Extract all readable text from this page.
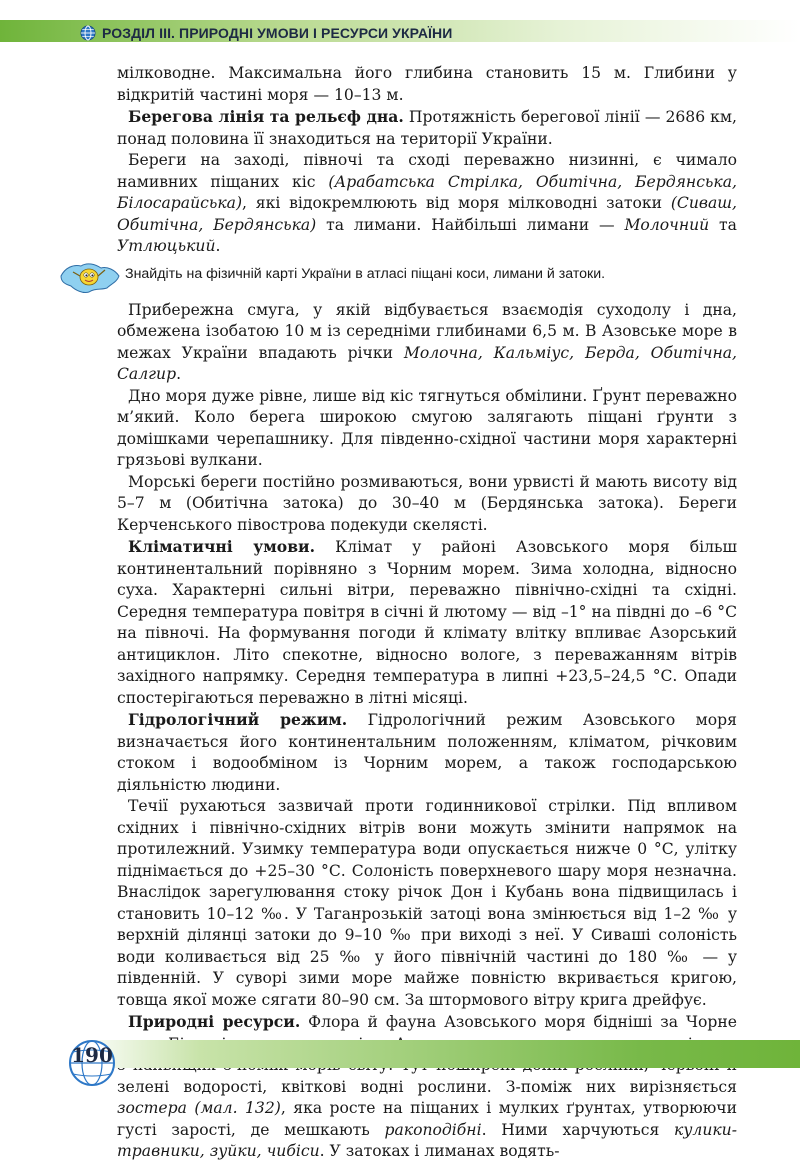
РОЗДІЛ ІІІ. ПРИРОДНІ УМОВИ І РЕСУРСИ УКРАЇНИ

мілководне. Максимальна його глибина становить 15 м. Глибини у відкритій частині моря — 10–13 м.

Берегова лінія та рельєф дна. Протяжність берегової лінії — 2686 км, понад половина її знаходиться на території України.

Береги на заході, півночі та сході переважно низинні, є чимало намивних піщаних кіс (Арабатська Стрілка, Обитічна, Бердянська, Білосарайська), які відокремлюють від моря мілководні затоки (Сиваш, Обитічна, Бердянська) та лимани. Найбільші лимани — Молочний та Утлюцький.

Знайдіть на фізичній карті України в атласі піщані коси, лимани й затоки.

Прибережна смуга, у якій відбувається взаємодія суходолу і дна, обмежена ізобатою 10 м із середніми глибинами 6,5 м. В Азовське море в межах України впадають річки Молочна, Кальміус, Берда, Обитічна, Салгир.

Дно моря дуже рівне, лише від кіс тягнуться обмілини. Ґрунт переважно м’який. Коло берега широкою смугою залягають піщані ґрунти з домішками черепашнику. Для південно-східної частини моря характерні грязьові вулкани.

Морські береги постійно розмиваються, вони урвисті й мають висоту від 5–7 м (Обитічна затока) до 30–40 м (Бердянська затока). Береги Керченського півострова подекуди скелясті.

Кліматичні умови. Клімат у районі Азовського моря більш континентальний порівняно з Чорним морем. Зима холодна, відносно суха. Характерні сильні вітри, переважно північно-східні та східні. Середня температура повітря в січні й лютому — від –1° на півдні до –6 °С на півночі. На формування погоди й клімату влітку впливає Азорський антициклон. Літо спекотне, відносно вологе, з переважанням вітрів західного напрямку. Середня температура в липні +23,5–24,5 °С. Опади спостерігаються переважно в літні місяці.

Гідрологічний режим. Гідрологічний режим Азовського моря визначається його континентальним положенням, кліматом, річковим стоком і водообміном із Чорним морем, а також господарською діяльністю людини.

Течії рухаються зазвичай проти годинникової стрілки. Під впливом східних і північно-східних вітрів вони можуть змінити напрямок на протилежний. Узимку температура води опускається нижче 0 °С, улітку піднімається до +25–30 °С. Солоність поверхневого шару моря незначна. Внаслідок зарегулювання стоку річок Дон і Кубань вона підвищилась і становить 10–12 ‰. У Таганрозькій затоці вона змінюється від 1–2 ‰ у верхній ділянці затоки до 9–10 ‰ при виході з неї. У Сиваші солоність води коливається від 25 ‰ у його північній частині до 180 ‰ — у південній. У суворі зими море майже повністю вкривається кригою, товща якої може сягати 80–90 см. За штормового вітру крига дрейфує.

Природні ресурси. Флора й фауна Азовського моря бідніші за Чорне зелені водорості, квіткові водні рослини. З-поміж них вирізняється зостера (мал. 132), яка росте на піщаних і мулких ґрунтах, утворюючи густі зарості, де мешкають ракоподібні. Ними харчуються кулики-травники, зуйки, чибіси. У затоках і лиманах водять-

190
